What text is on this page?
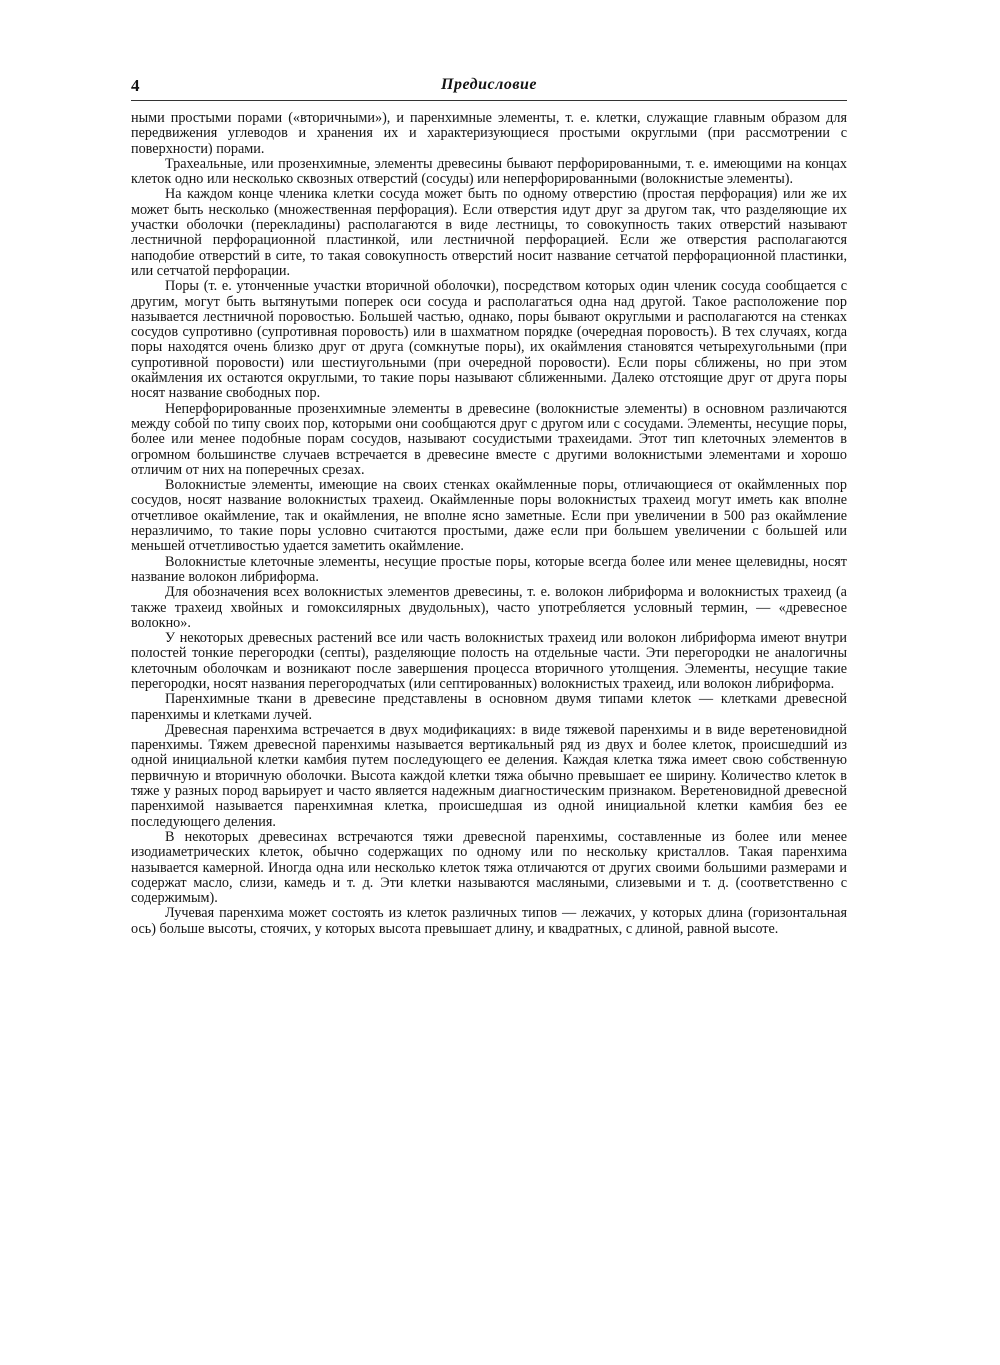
4	Предисловие

ными простыми порами («вторичными»), и паренхимные элементы, т. е. клетки, служащие главным образом для передвижения углеводов и хранения их и характеризующиеся простыми округлыми (при рассмотрении с поверхности) порами.

Трахеальные, или прозенхимные, элементы древесины бывают перфорированными, т. е. имеющими на концах клеток одно или несколько сквозных отверстий (сосуды) или неперфорированными (волокнистые элементы).

На каждом конце членика клетки сосуда может быть по одному отверстию (простая перфорация) или же их может быть несколько (множественная перфорация). Если отверстия идут друг за другом так, что разделяющие их участки оболочки (перекладины) располагаются в виде лестницы, то совокупность таких отверстий называют лестничной перфорационной пластинкой, или лестничной перфорацией. Если же отверстия располагаются наподобие отверстий в сите, то такая совокупность отверстий носит название сетчатой перфорационной пластинки, или сетчатой перфорации.

Поры (т. е. утонченные участки вторичной оболочки), посредством которых один членик сосуда сообщается с другим, могут быть вытянутыми поперек оси сосуда и располагаться одна над другой. Такое расположение пор называется лестничной поровостью. Большей частью, однако, поры бывают округлыми и располагаются на стенках сосудов супротивно (супротивная поровость) или в шахматном порядке (очередная поровость). В тех случаях, когда поры находятся очень близко друг от друга (сомкнутые поры), их окаймления становятся четырехугольными (при супротивной поровости) или шестиугольными (при очередной поровости). Если поры сближены, но при этом окаймления их остаются округлыми, то такие поры называют сближенными. Далеко отстоящие друг от друга поры носят название свободных пор.

Неперфорированные прозенхимные элементы в древесине (волокнистые элементы) в основном различаются между собой по типу своих пор, которыми они сообщаются друг с другом или с сосудами. Элементы, несущие поры, более или менее подобные порам сосудов, называют сосудистыми трахеидами. Этот тип клеточных элементов в огромном большинстве случаев встречается в древесине вместе с другими волокнистыми элементами и хорошо отличим от них на поперечных срезах.

Волокнистые элементы, имеющие на своих стенках окаймленные поры, отличающиеся от окаймленных пор сосудов, носят название волокнистых трахеид. Окаймленные поры волокнистых трахеид могут иметь как вполне отчетливое окаймление, так и окаймления, не вполне ясно заметные. Если при увеличении в 500 раз окаймление неразличимо, то такие поры условно считаются простыми, даже если при большем увеличении с большей или меньшей отчетливостью удается заметить окаймление.

Волокнистые клеточные элементы, несущие простые поры, которые всегда более или менее щелевидны, носят название волокон либриформа.

Для обозначения всех волокнистых элементов древесины, т. е. волокон либриформа и волокнистых трахеид (а также трахеид хвойных и гомоксилярных двудольных), часто употребляется условный термин, — «древесное волокно».

У некоторых древесных растений все или часть волокнистых трахеид или волокон либриформа имеют внутри полостей тонкие перегородки (септы), разделяющие полость на отдельные части. Эти перегородки не аналогичны клеточным оболочкам и возникают после завершения процесса вторичного утолщения. Элементы, несущие такие перегородки, носят названия перегородчатых (или септированных) волокнистых трахеид, или волокон либриформа.

Паренхимные ткани в древесине представлены в основном двумя типами клеток — клетками древесной паренхимы и клетками лучей.

Древесная паренхима встречается в двух модификациях: в виде тяжевой паренхимы и в виде веретеновидной паренхимы. Тяжем древесной паренхимы называется вертикальный ряд из двух и более клеток, происшедший из одной инициальной клетки камбия путем последующего ее деления. Каждая клетка тяжа имеет свою собственную первичную и вторичную оболочки. Высота каждой клетки тяжа обычно превышает ее ширину. Количество клеток в тяже у разных пород варьирует и часто является надежным диагностическим признаком. Веретеновидной древесной паренхимой называется паренхимная клетка, происшедшая из одной инициальной клетки камбия без ее последующего деления.

В некоторых древесинах встречаются тяжи древесной паренхимы, составленные из более или менее изодиаметрических клеток, обычно содержащих по одному или по нескольку кристаллов. Такая паренхима называется камерной. Иногда одна или несколько клеток тяжа отличаются от других своими большими размерами и содержат масло, слизи, камедь и т. д. Эти клетки называются масляными, слизевыми и т. д. (соответственно с содержимым).

Лучевая паренхима может состоять из клеток различных типов — лежачих, у которых длина (горизонтальная ось) больше высоты, стоячих, у которых высота превышает длину, и квадратных, с длиной, равной высоте.
